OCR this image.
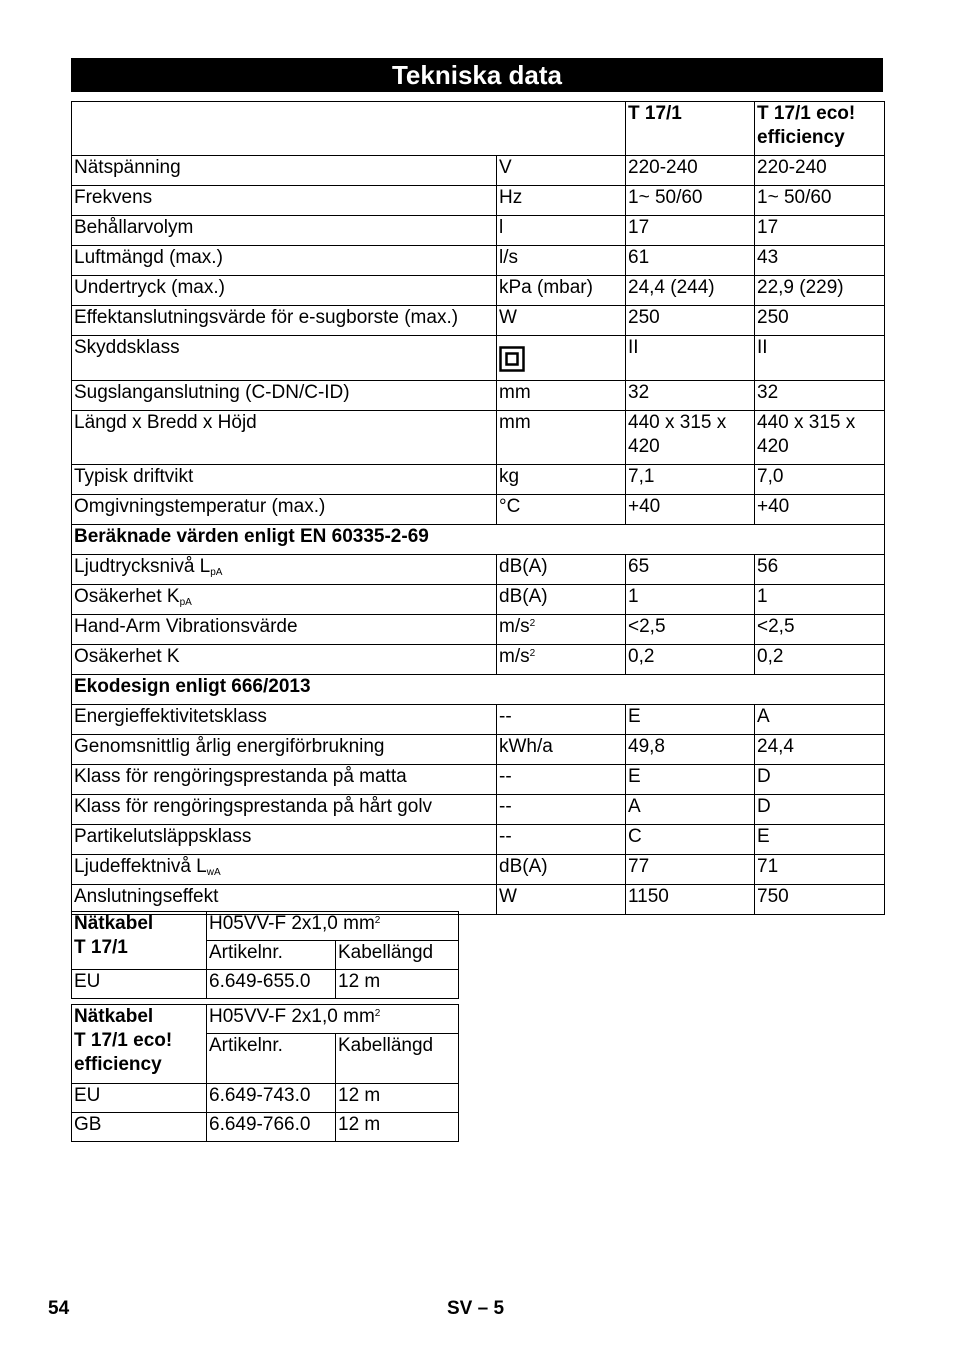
Tekniska data
		T 17/1	T 17/1 eco! efficiency
Nätspänning	V	220-240	220-240
Frekvens	Hz	1~ 50/60	1~ 50/60
Behållarvolym	l	17	17
Luftmängd (max.)	l/s	61	43
Undertryck (max.)	kPa (mbar)	24,4 (244)	22,9 (229)
Effektanslutningsvärde för e-sugborste (max.)	W	250	250
Skyddsklass		II	II
Sugslanganslutning (C-DN/C-ID)	mm	32	32
Längd x Bredd x Höjd	mm	440 x 315 x 420	440 x 315 x 420
Typisk driftvikt	kg	7,1	7,0
Omgivningstemperatur (max.)	°C	+40	+40
Beräknade värden enligt EN 60335-2-69			
Ljudtrycksnivå $L_{pA}$	dB(A)	65	56
Osäkerhet $K_{pA}$	dB(A)	1	1
Hand-Arm Vibrationsvärde	$m/s^2$	<2,5	<2,5
Osäkerhet K	$m/s^2$	0,2	0,2
Ekodesign enligt 666/2013			
Energieffektivitetsklass	--	E	A
Genomsnittlig årlig energiförbrukning	kWh/a	49,8	24,4
Klass för rengöringsprestanda på matta	--	E	D
Klass för rengöringsprestanda på hårt golv	--	A	D
Partikelutsläppsklass	--	C	E
Ljudeffektnivå $L_{wA}$	dB(A)	77	71
Anslutningseffekt	W	1150	750
Nätkabel
T 17/1	H05VV-F 2x1,0 $mm^2$
	Artikelnr.	Kabellängd
EU	6.649-655.0	12 m
Nätkabel
T 17/1 eco!
efficiency	H05VV-F 2x1,0 $mm^2$
	Artikelnr.	Kabellängd
EU	6.649-743.0	12 m
GB	6.649-766.0	12 m
54	SV – 5
